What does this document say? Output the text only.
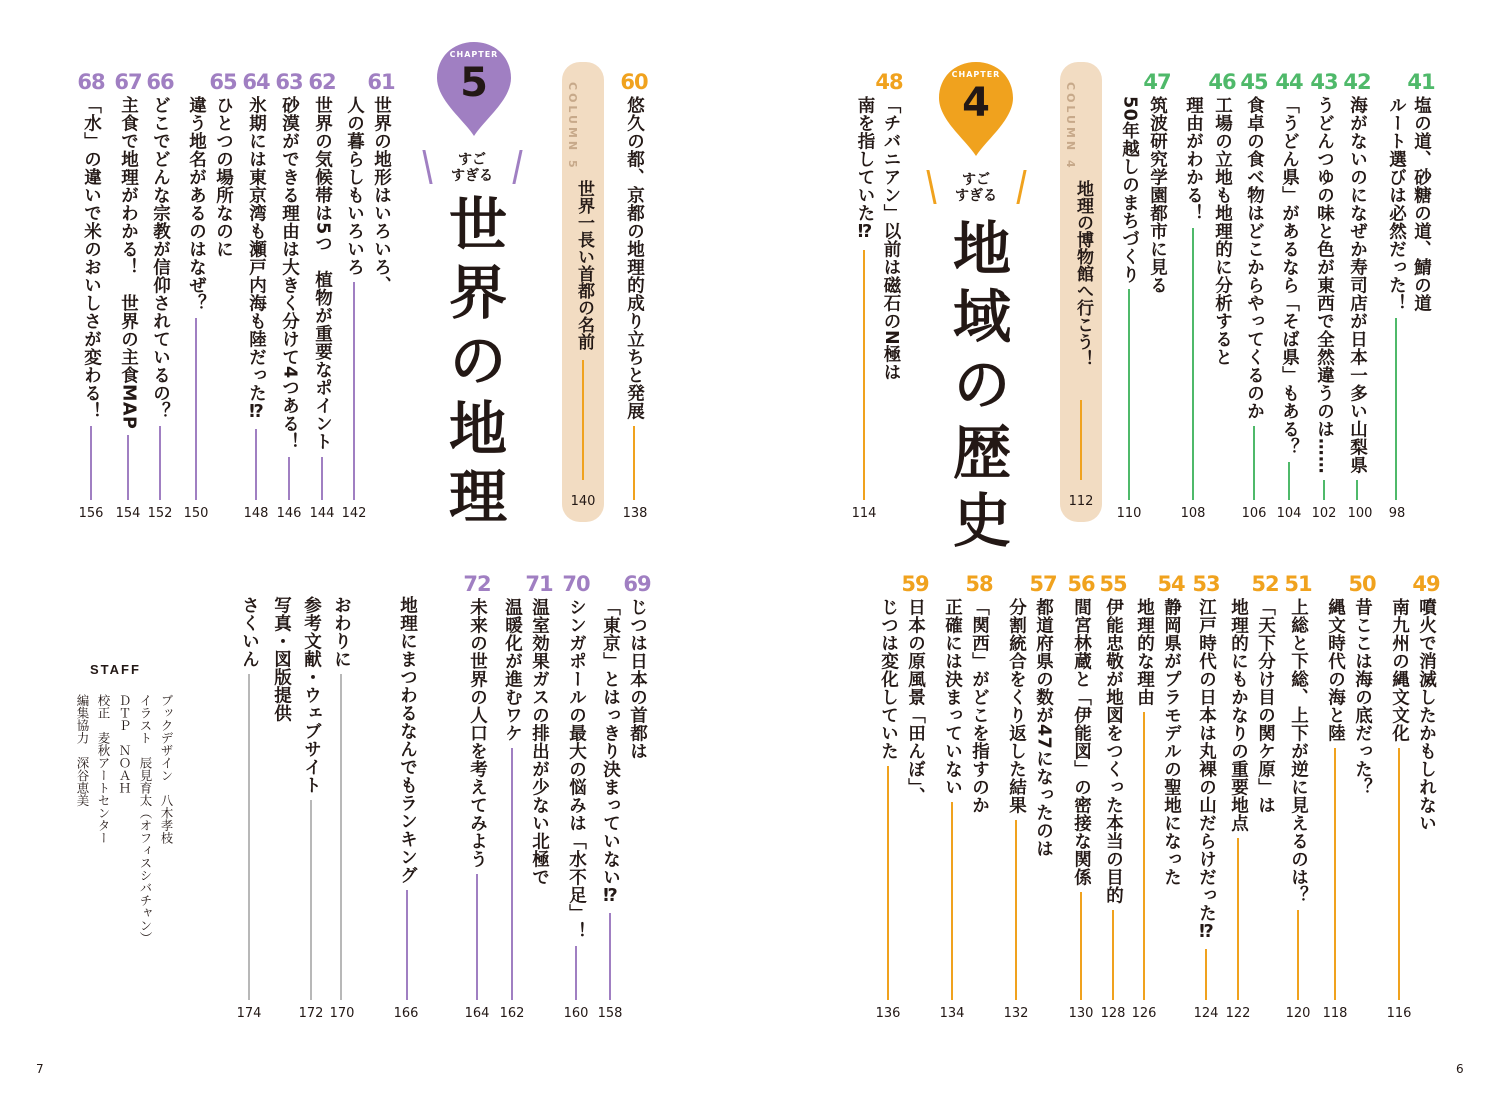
41
塩の道、砂糖の道、鯖の道
ルート選びは必然だった！
98
42
海がないのになぜか寿司店が日本一多い山梨県
100
43
うどんつゆの味と色が東西で全然違うのは……
102
44
「うどん県」があるなら「そば県」もある？
104
45
食卓の食べ物はどこからやってくるのか
106
46
工場の立地も地理的に分析すると
理由がわかる！
108
47
筑波研究学園都市に見る
50年越しのまちづくり
110
COLUMN 4
地理の博物館へ行こう！
112
CHAPTER
4
すご
すぎる
地域の歴史
48
「チバニアン」以前は磁石のN極は
南を指していた⁉
114
49
噴火で消滅したかもしれない
南九州の縄文文化
116
50
昔ここは海の底だった？
縄文時代の海と陸
118
51
上総と下総、上下が逆に見えるのは？
120
52
「天下分け目の関ケ原」は
地理的にもかなりの重要地点
122
53
江戸時代の日本は丸裸の山だらけだった⁉
124
54
静岡県がプラモデルの聖地になった
地理的な理由
126
55
伊能忠敬が地図をつくった本当の目的
128
56
間宮林蔵と「伊能図」の密接な関係
130
57
都道府県の数が47になったのは
分割統合をくり返した結果
132
58
「関西」がどこを指すのか
正確には決まっていない
134
59
日本の原風景「田んぼ」、
じつは変化していた
136
6
60
悠久の都、京都の地理的成り立ちと発展
138
COLUMN 5
世界一長い首都の名前
140
CHAPTER
5
すご
すぎる
世界の地理
61
世界の地形はいろいろ、
人の暮らしもいろいろ
142
62
世界の気候帯は5つ　植物が重要なポイント
144
63
砂漠ができる理由は大きく分けて4つある！
146
64
氷期には東京湾も瀬戸内海も陸だった⁉
148
65
ひとつの場所なのに
違う地名があるのはなぜ？
150
66
どこでどんな宗教が信仰されているの？
152
67
主食で地理がわかる！　世界の主食MAP
154
68
「水」の違いで米のおいしさが変わる！
156
69
じつは日本の首都は
「東京」とはっきり決まっていない⁉
158
70
シンガポールの最大の悩みは「水不足」！
160
71
温室効果ガスの排出が少ない北極で
温暖化が進むワケ
162
72
未来の世界の人口を考えてみよう
164
地理にまつわるなんでもランキング
166
おわりに
170
参考文献・ウェブサイト
172
写真・図版提供
さくいん
174
STAFF
ブックデザイン　八木孝枝
イラスト　辰見育太（オフィスシバチャン）
ＤＴＰ　ＮＯＡＨ
校正　麦秋アートセンター
編集協力　深谷恵美
7
